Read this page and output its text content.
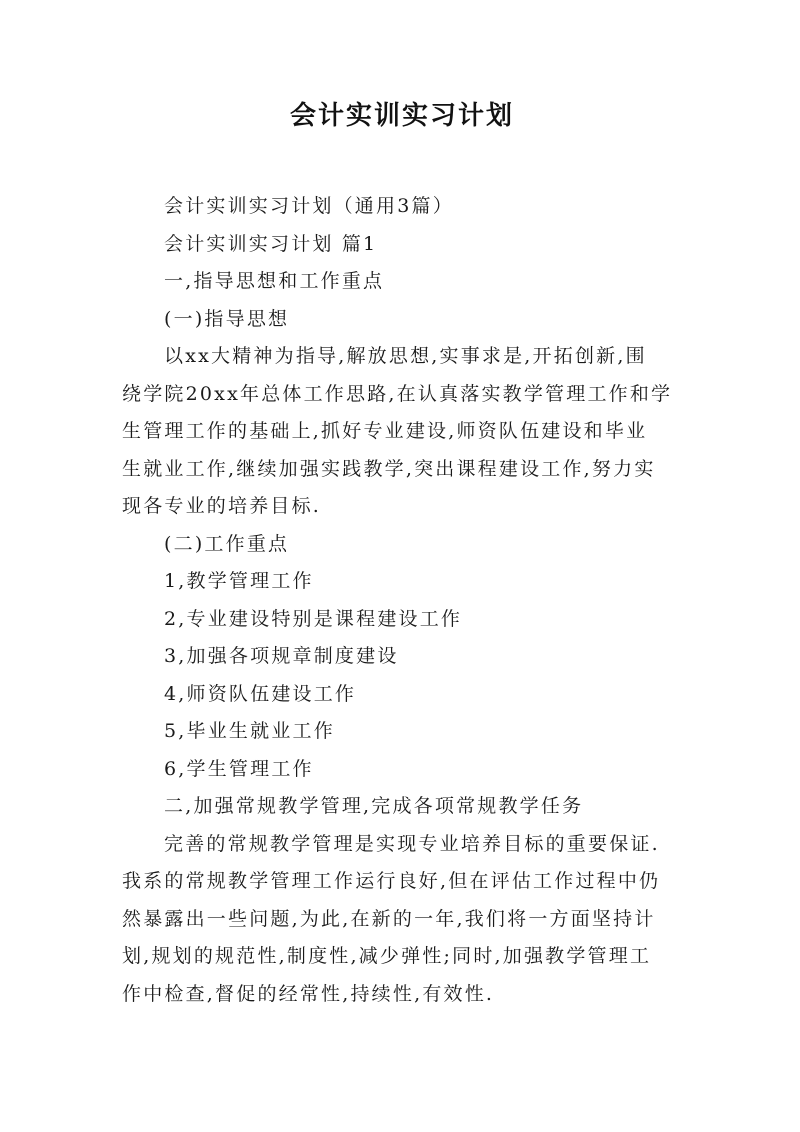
会计实训实习计划

会计实训实习计划（通用3篇）

会计实训实习计划 篇1

一,指导思想和工作重点

(一)指导思想

以xx大精神为指导,解放思想,实事求是,开拓创新,围

绕学院20xx年总体工作思路,在认真落实教学管理工作和学

生管理工作的基础上,抓好专业建设,师资队伍建设和毕业

生就业工作,继续加强实践教学,突出课程建设工作,努力实

现各专业的培养目标.

(二)工作重点

1,教学管理工作

2,专业建设特别是课程建设工作

3,加强各项规章制度建设

4,师资队伍建设工作

5,毕业生就业工作

6,学生管理工作

二,加强常规教学管理,完成各项常规教学任务

完善的常规教学管理是实现专业培养目标的重要保证.

我系的常规教学管理工作运行良好,但在评估工作过程中仍

然暴露出一些问题,为此,在新的一年,我们将一方面坚持计

划,规划的规范性,制度性,减少弹性;同时,加强教学管理工

作中检查,督促的经常性,持续性,有效性.
